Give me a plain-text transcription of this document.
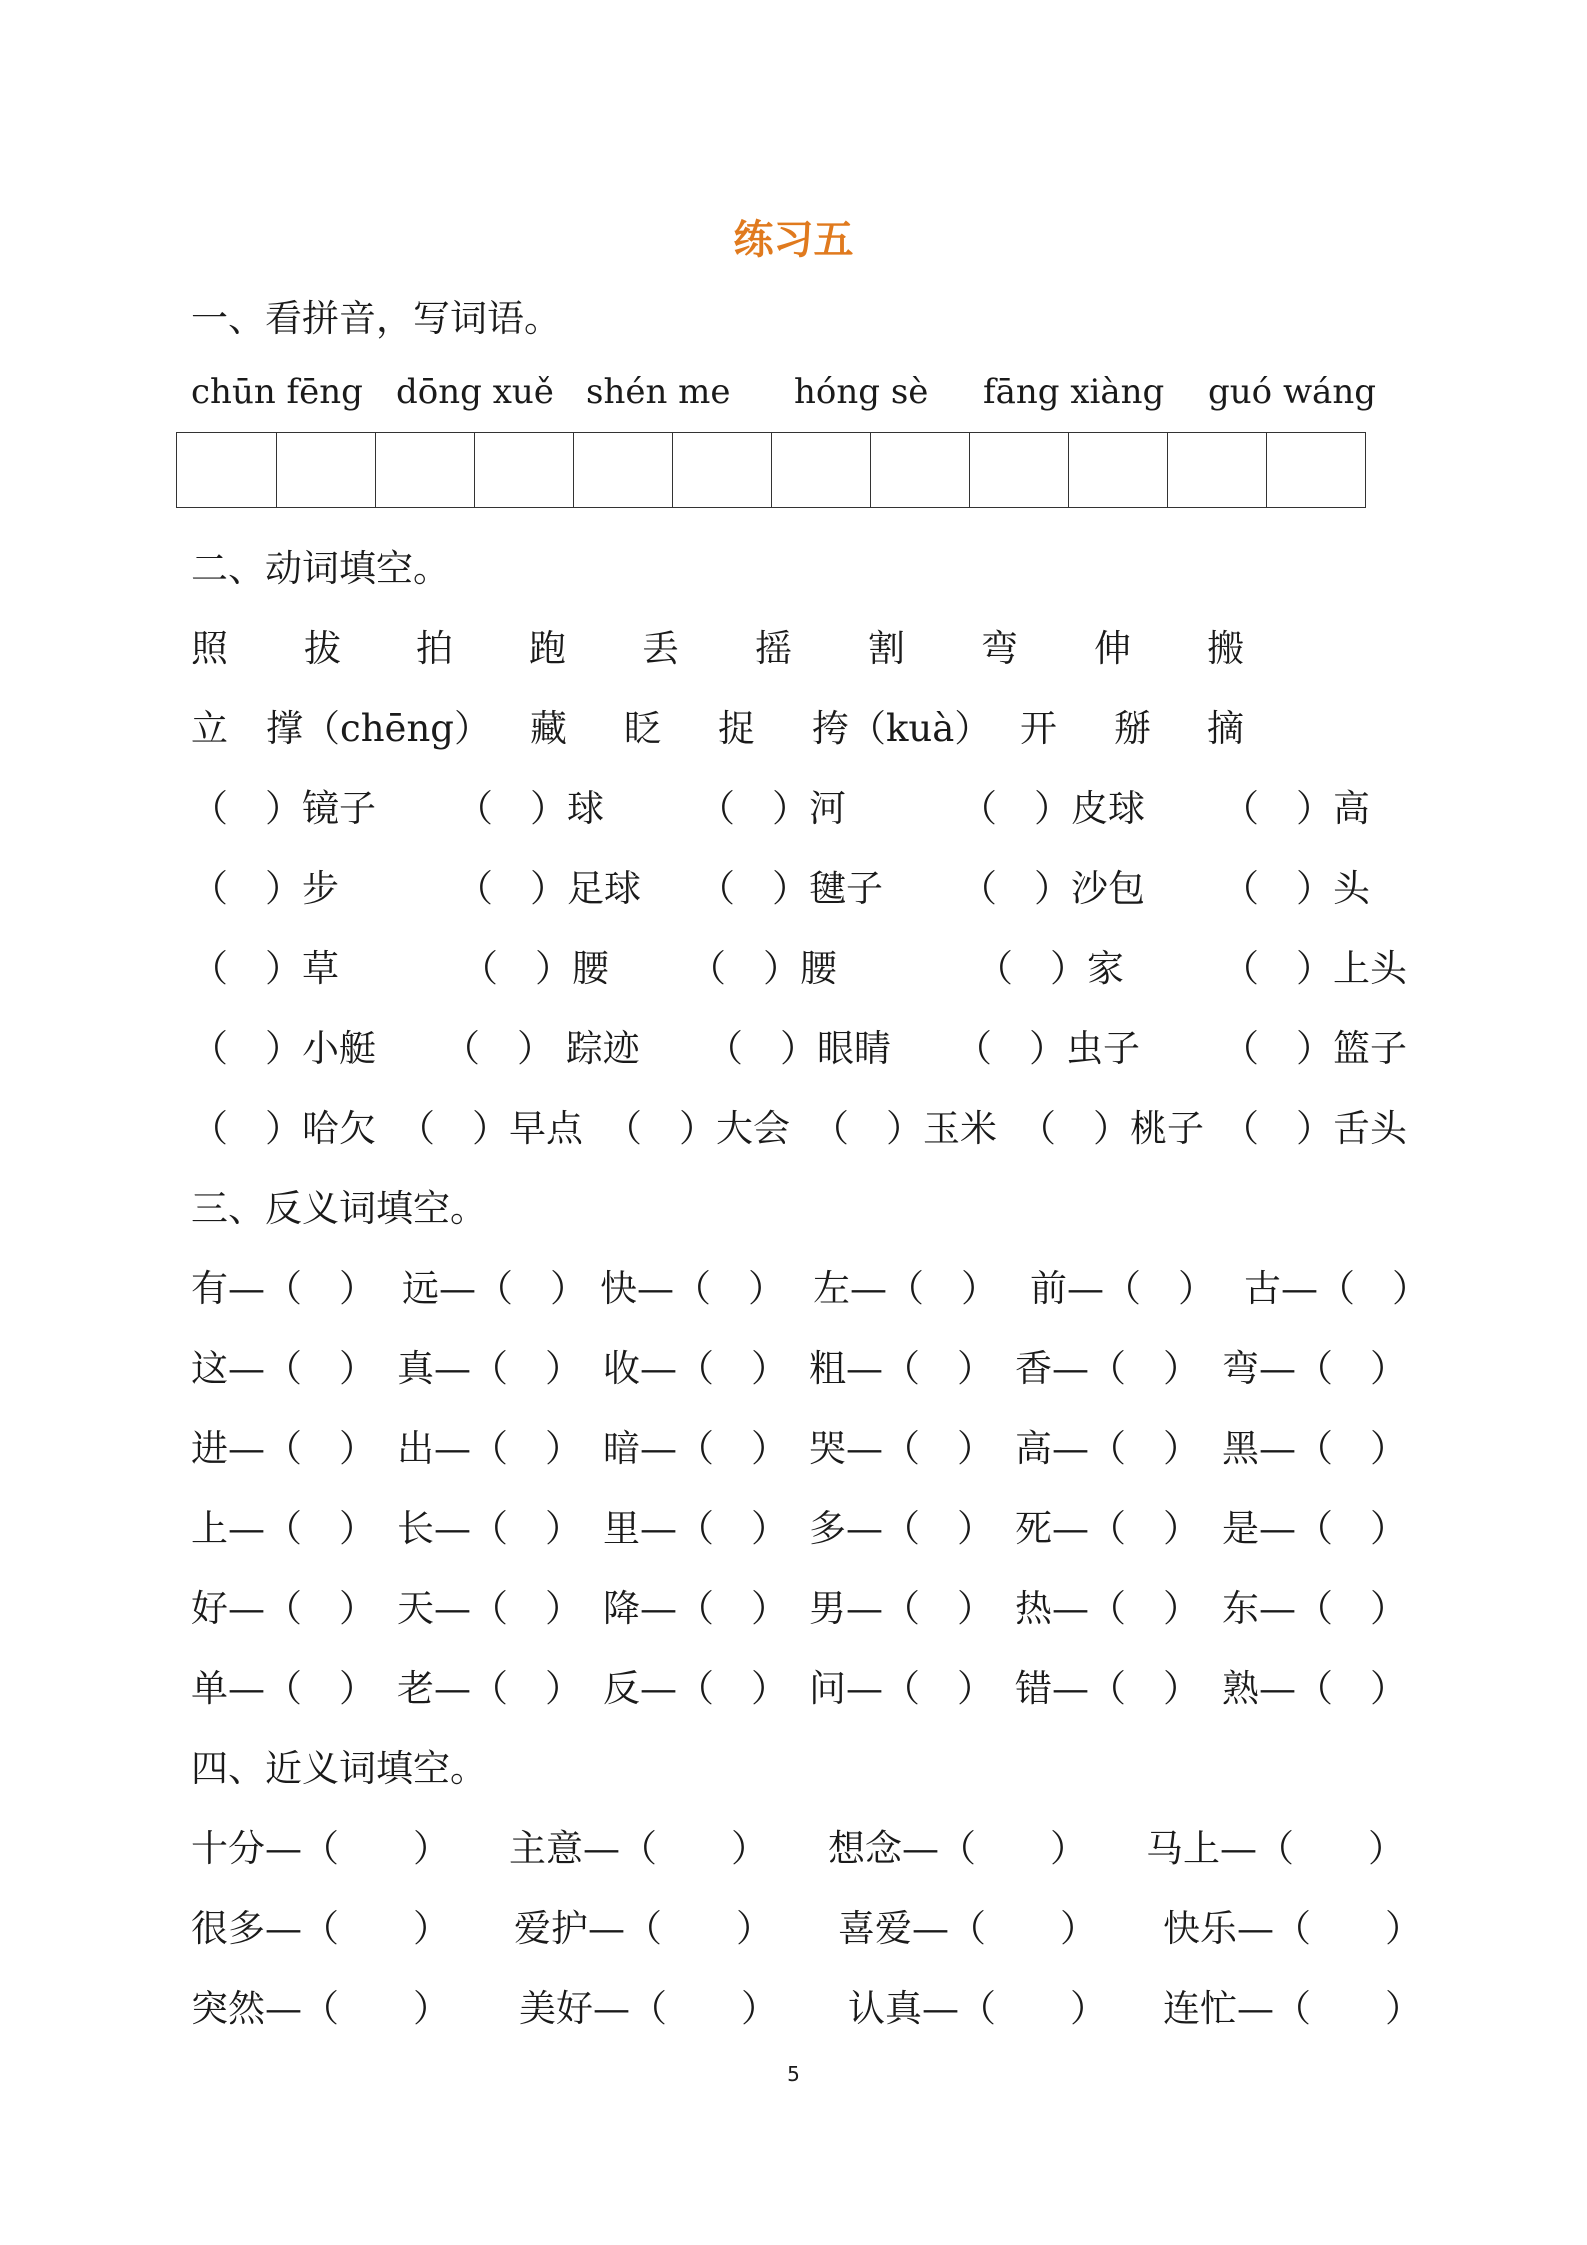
练习五
一、看拼音，写词语。
chūn fēng dōng xuě shén me hóng sè fāng xiàng guó wáng
二、动词填空。
照 拔 拍 跑 丢 摇 割 弯 伸 搬
立 撑（chēng） 藏 眨 捉 挎（kuà） 开 掰 摘
（　）镜子 （　）球	（　）河	（　）皮球 （　）高
（　）步	（　）足球 （　）毽子 （　）沙包 （　）头
（　）草	（　）腰 （　）腰	（　）家	（　）上头
（　）小艇 （　） 踪迹 （　）眼睛 （　）虫子 （　）篮子
（　）哈欠 （　）早点 （　）大会 （　）玉米 （　）桃子 （　）舌头
三、反义词填空。
有—（　） 远—（　） 快—（　） 左—（　） 前—（　） 古—（　）
这—（　） 真—（　） 收—（　） 粗—（　） 香—（　） 弯—（　）
进—（　） 出—（　） 暗—（　） 哭—（　） 高—（　） 黑—（　）
上—（　） 长—（　） 里—（　） 多—（　） 死—（　） 是—（　）
好—（　） 天—（　） 降—（　） 男—（　） 热—（　） 东—（　）
单—（　） 老—（　） 反—（　） 问—（　） 错—（　） 熟—（　）
四、近义词填空。
十分—（　　） 主意—（　　） 想念—（　　） 马上—（　　）
很多—（　　） 爱护—（　　） 喜爱—（　　） 快乐—（　　）
突然—（　　） 美好—（　　） 认真—（　　） 连忙—（　　）
5
